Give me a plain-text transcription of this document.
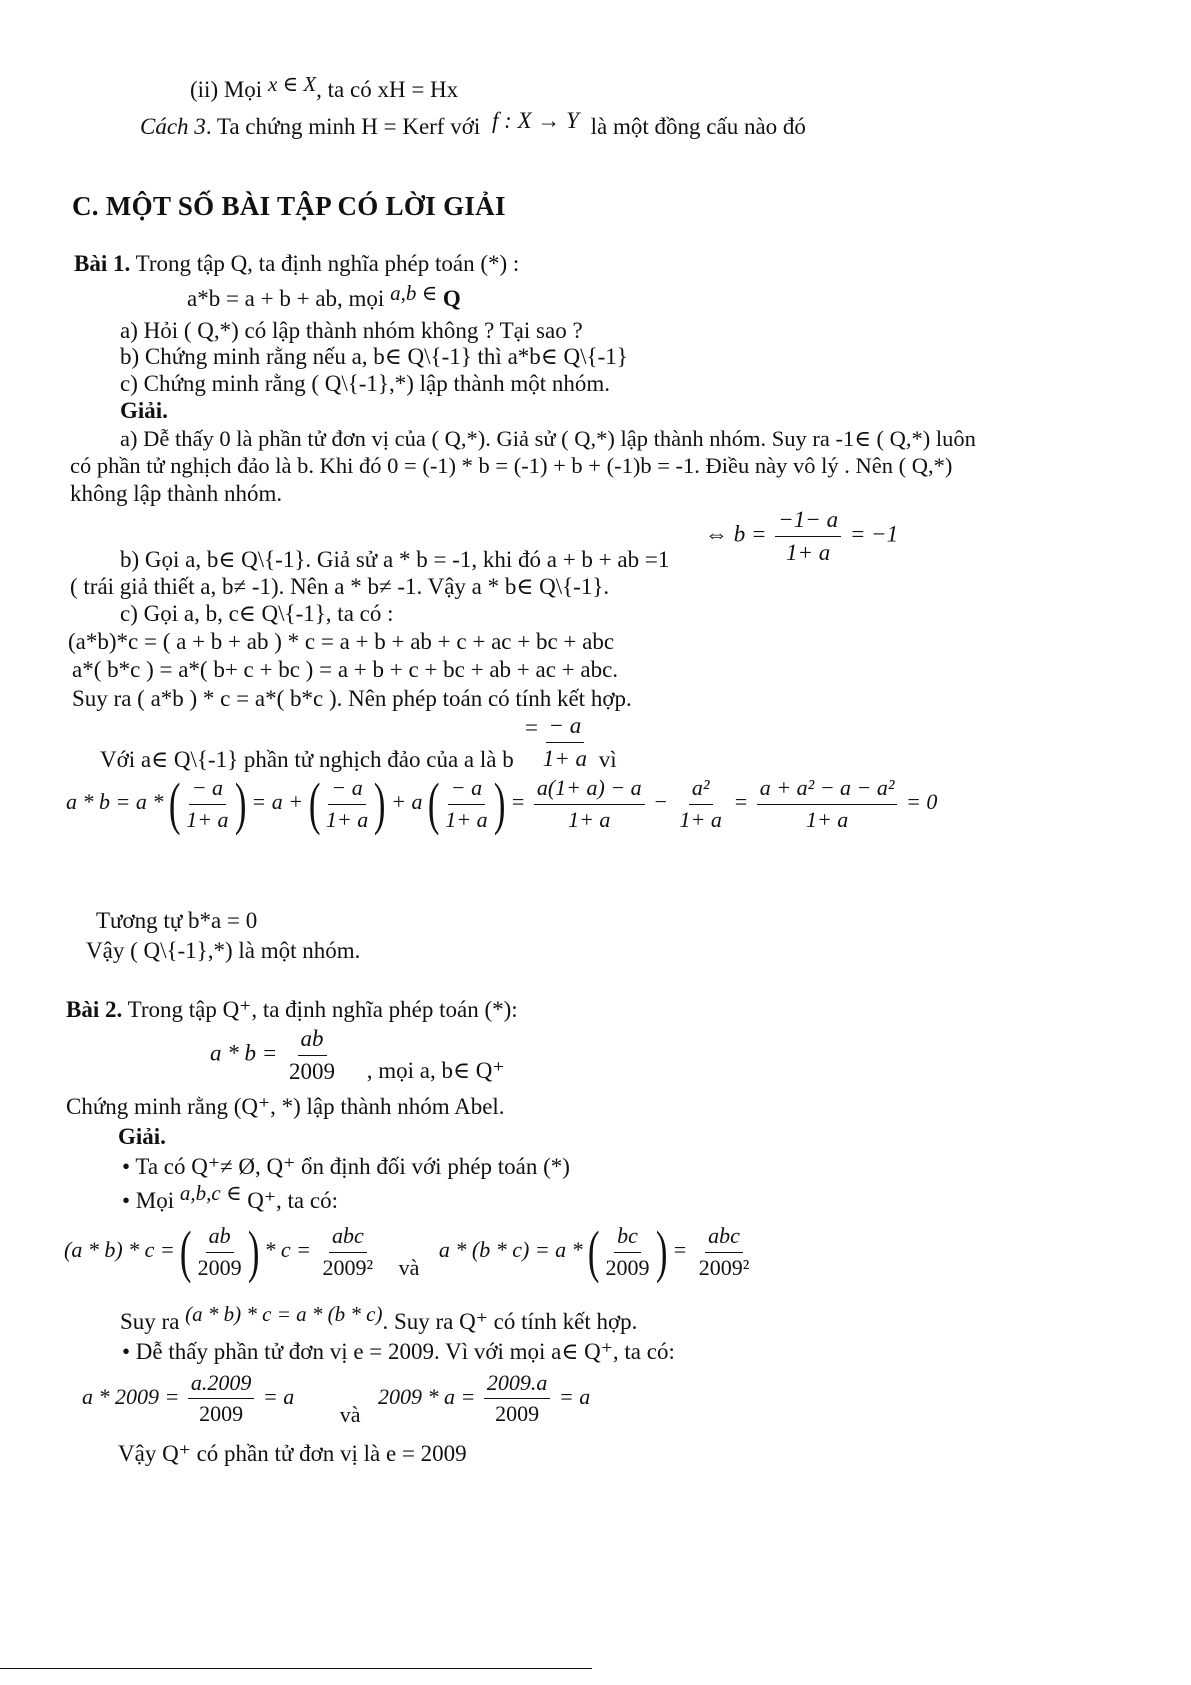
(ii) Mọi x ∈ X, ta có xH = Hx
Cách 3. Ta chứng minh H = Kerf với f : X → Y là một đồng cấu nào đó
C. MỘT SỐ BÀI TẬP CÓ LỜI GIẢI
Bài 1. Trong tập Q, ta định nghĩa phép toán (*) :
a*b = a + b + ab, mọi a,b ∈ Q
a) Hỏi ( Q,*) có lập thành nhóm không ? Tại sao ?
b) Chứng minh rằng nếu a, b∈ Q\{-1} thì a*b∈ Q\{-1}
c) Chứng minh rằng ( Q\{-1},*) lập thành một nhóm.
Giải.
a) Dễ thấy 0 là phần tử đơn vị của ( Q,*). Giả sử ( Q,*) lập thành nhóm. Suy ra -1∈ ( Q,*) luôn
có phần tử nghịch đảo là b. Khi đó 0 = (-1) * b = (-1) + b + (-1)b = -1. Điều này vô lý . Nên ( Q,*)
không lập thành nhóm.
⇔ $b = \frac{-1- a}{1+ a} = -1$
b) Gọi a, b∈ Q\{-1}. Giả sử a * b = -1, khi đó a + b + ab =1
( trái giả thiết a, b≠ -1). Nên a * b≠ -1. Vậy a * b∈ Q\{-1}.
c) Gọi a, b, c∈ Q\{-1}, ta có :
(a*b)*c = ( a + b + ab ) * c = a + b + ab + c + ac + bc + abc
a*( b*c ) = a*( b+ c + bc ) = a + b + c + bc + ab + ac + abc.
Suy ra ( a*b ) * c = a*( b*c ). Nên phép toán có tính kết hợp.
Với a∈ Q\{-1} phần tử nghịch đảo của a là $b = \frac{- a}{1+ a}$ vì
a * b = a * ( $\frac{- a}{1+ a}$ ) = a + ( $\frac{- a}{1+ a}$ ) + a ( $\frac{- a}{1+ a}$ ) = $\frac{a(1+ a) - a}{1+ a} - \frac{\text{a²}}{1+ a} = \frac{\text{a + a² − a − a²}}{1+ a} = 0$
Tương tự b*a = 0
Vậy ( Q\{-1},*) là một nhóm.
Bài 2. Trong tập Q⁺, ta định nghĩa phép toán (*):
$a * b = \frac{ab}{2009}$ , mọi a, b∈ Q⁺
Chứng minh rằng (Q⁺, *) lập thành nhóm Abel.
Giải.
• Ta có Q⁺≠ Ø, Q⁺ ổn định đối với phép toán (*)
• Mọi a,b,c ∈ Q⁺, ta có:
(a * b) * c = ( $\frac{ab}{2009}$ ) * $c = \frac{\text{abc}}{\text{2009²}}$ và a * (b * c) = a * ( $\frac{bc}{2009}$ ) = $\frac{\text{abc}}{\text{2009²}}$
Suy ra (a * b) * c = a * (b * c). Suy ra Q⁺ có tính kết hợp.
• Dễ thấy phần tử đơn vị e = 2009. Vì với mọi a∈ Q⁺, ta có:
$a * 2009 = \frac{a.2009}{2009} = a$ và $2009 * a = \frac{2009.a}{2009} = a$
Vậy Q⁺ có phần tử đơn vị là e = 2009
